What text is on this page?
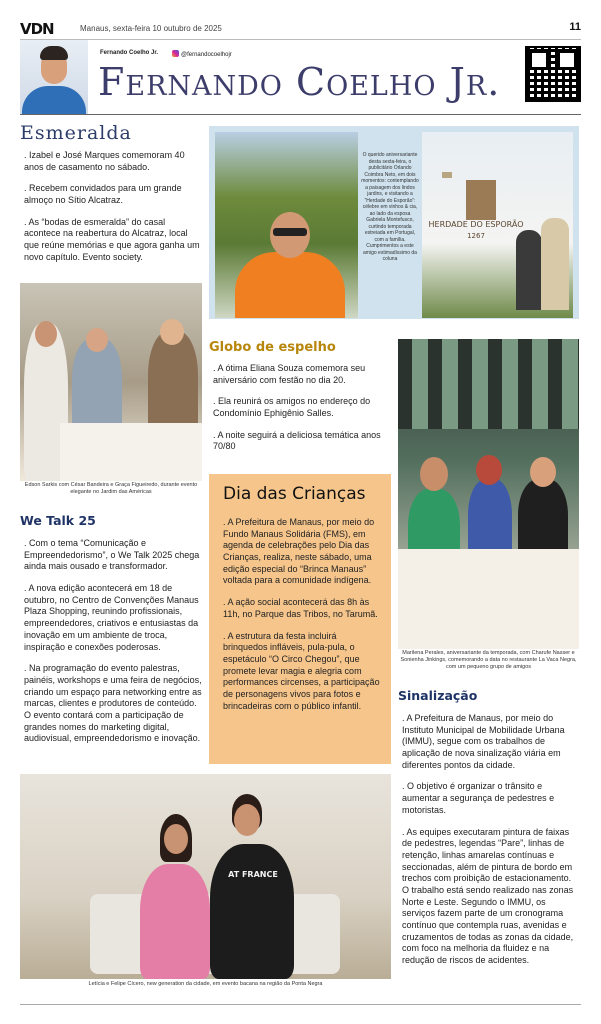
VDN	Manaus, sexta-feira 10 outubro de 2025	11
Fernando Coelho Jr.	@fernandocoelhojr
Fernando Coelho Jr.
Esmeralda

. Izabel e José Marques comemoram 40 anos de casamento no sábado.

. Recebem convidados para um grande almoço no Sítio Alcatraz.

. As “bodas de esmeralda” do casal acontece na reabertura do Alcatraz, local que reúne memórias e que agora ganha um novo capítulo. Evento society.

Edson Sarkis com César Bandeira e Graça Figueiredo, durante evento elegante no Jardim das Américas
We Talk 25

. Com o tema “Comunicação e Empreendedorismo”, o We Talk 2025 chega ainda mais ousado e transformador.

. A nova edição acontecerá em 18 de outubro, no Centro de Convenções Manaus Plaza Shopping, reunindo profissionais, empreendedores, criativos e entusiastas da inovação em um ambiente de troca, inspiração e conexões poderosas.

. Na programação do evento palestras, painéis, workshops e uma feira de negócios, criando um espaço para networking entre as marcas, clientes e produtores de conteúdo. O evento contará com a participação de grandes nomes do marketing digital, audiovisual, empreendedorismo e inovação.

HERDADE DO ESPORÃO
1267
O querido aniversariante desta sexta-feira, o publicitário Orlando Coimbra Neto, em dois momentos: contemplando a paisagem dos lindos jardins, e visitando a “Herdade do Esporão”: célebre em vinhos & cia, ao lado da esposa Gabriela Montefusco, curtindo temporada estreiada em Portugal, com a família. Cumprimentos a este amigo estimadíssimo da coluna
Globo de espelho

. A ótima Eliana Souza comemora seu aniversário com festão no dia 20.

. Ela reunirá os amigos no endereço do Condomínio Ephigênio Salles.

. A noite seguirá a deliciosa temática anos 70/80

Dia das Crianças

. A Prefeitura de Manaus, por meio do Fundo Manaus Solidária (FMS), em agenda de celebrações pelo Dia das Crianças, realiza, neste sábado, uma edição especial do “Brinca Manaus” voltada para a comunidade indígena.

. A ação social acontecerá das 8h às 11h, no Parque das Tribos, no Tarumã.

. A estrutura da festa incluirá brinquedos infláveis, pula-pula, o espetáculo “O Circo Chegou”, que promete levar magia e alegria com performances circenses, a participação de personagens vivos para fotos e brincadeiras com o público infantil.

Marilena Perales, aniversariante da temporada, com Charufe Nasser e Sonienha Jinkings, comemorando a data no restaurante La Vaca Negra, com um pequeno grupo de amigos
Sinalização

. A Prefeitura de Manaus, por meio do Instituto Municipal de Mobilidade Urbana (IMMU), segue com os trabalhos de aplicação de nova sinalização viária em diferentes pontos da cidade.

. O objetivo é organizar o trânsito e aumentar a segurança de pedestres e motoristas.

. As equipes executaram pintura de faixas de pedestres, legendas “Pare”, linhas de retenção, linhas amarelas contínuas e seccionadas, além de pintura de bordo em trechos com proibição de estacionamento. O trabalho está sendo realizado nas zonas Norte e Leste. Segundo o IMMU, os serviços fazem parte de um cronograma contínuo que contempla ruas, avenidas e cruzamentos de todas as zonas da cidade, com foco na melhoria da fluidez e na redução de riscos de acidentes.

AT FRANCE
Letícia e Felipe Cícero, new generation da cidade, em evento bacana na região da Ponta Negra
